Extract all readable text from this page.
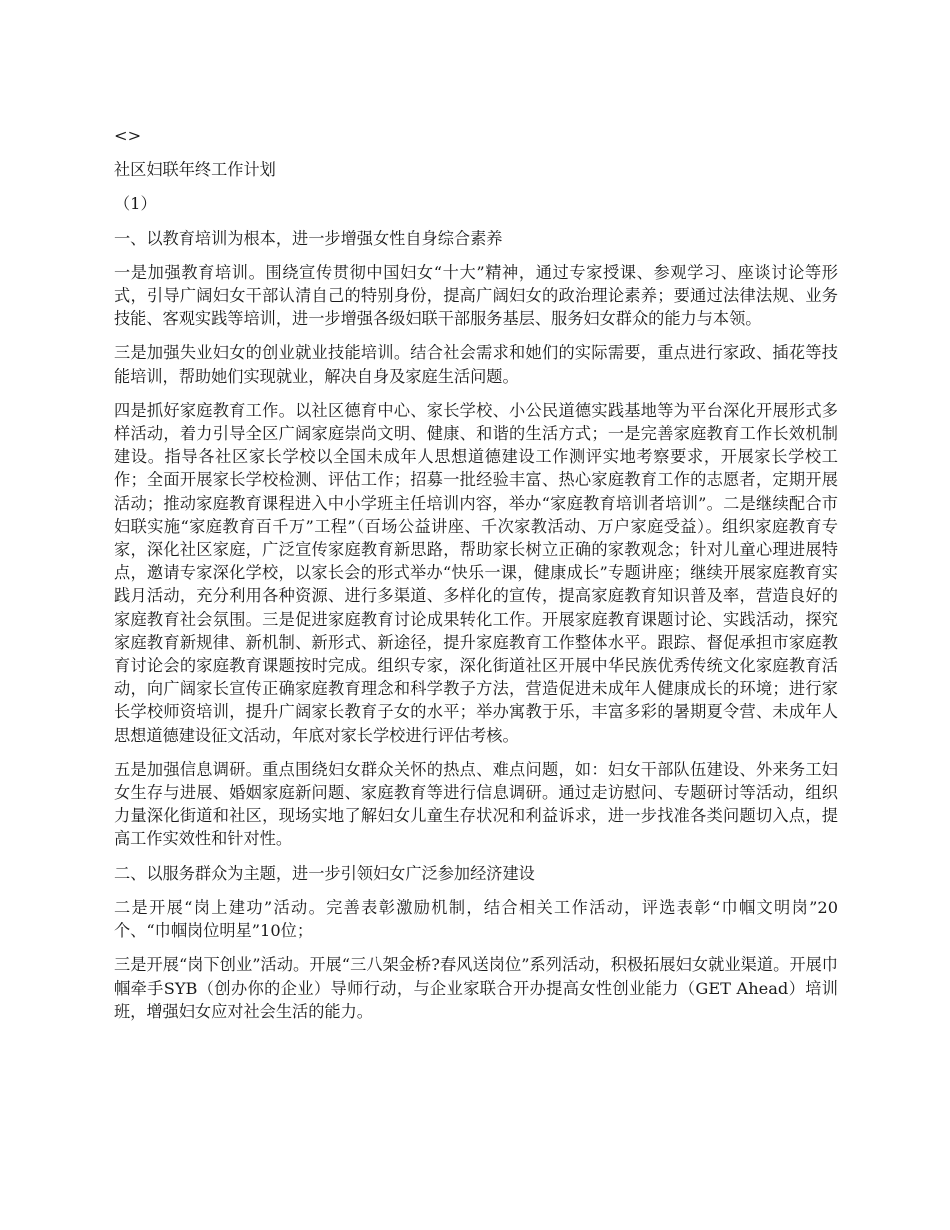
<>
社区妇联年终工作计划
（1）
一、以教育培训为根本，进一步增强女性自身综合素养

一是加强教育培训。围绕宣传贯彻中国妇女“十大”精神，通过专家授课、参观学习、座谈讨论等形式，引导广阔妇女干部认清自己的特别身份，提高广阔妇女的政治理论素养；要通过法律法规、业务技能、客观实践等培训，进一步增强各级妇联干部服务基层、服务妇女群众的能力与本领。

三是加强失业妇女的创业就业技能培训。结合社会需求和她们的实际需要，重点进行家政、插花等技能培训，帮助她们实现就业，解决自身及家庭生活问题。

四是抓好家庭教育工作。以社区德育中心、家长学校、小公民道德实践基地等为平台深化开展形式多样活动，着力引导全区广阔家庭崇尚文明、健康、和谐的生活方式；一是完善家庭教育工作长效机制建设。指导各社区家长学校以全国未成年人思想道德建设工作测评实地考察要求，开展家长学校工作；全面开展家长学校检测、评估工作；招募一批经验丰富、热心家庭教育工作的志愿者，定期开展活动；推动家庭教育课程进入中小学班主任培训内容，举办“家庭教育培训者培训”。二是继续配合市妇联实施“家庭教育百千万”工程”（百场公益讲座、千次家教活动、万户家庭受益）。组织家庭教育专家，深化社区家庭，广泛宣传家庭教育新思路，帮助家长树立正确的家教观念；针对儿童心理进展特点，邀请专家深化学校，以家长会的形式举办“快乐一课，健康成长”专题讲座；继续开展家庭教育实践月活动，充分利用各种资源、进行多渠道、多样化的宣传，提高家庭教育知识普及率，营造良好的家庭教育社会氛围。三是促进家庭教育讨论成果转化工作。开展家庭教育课题讨论、实践活动，探究家庭教育新规律、新机制、新形式、新途径，提升家庭教育工作整体水平。跟踪、督促承担市家庭教育讨论会的家庭教育课题按时完成。组织专家，深化街道社区开展中华民族优秀传统文化家庭教育活动，向广阔家长宣传正确家庭教育理念和科学教子方法，营造促进未成年人健康成长的环境；进行家长学校师资培训，提升广阔家长教育子女的水平；举办寓教于乐，丰富多彩的暑期夏令营、未成年人思想道德建设征文活动，年底对家长学校进行评估考核。

五是加强信息调研。重点围绕妇女群众关怀的热点、难点问题，如：妇女干部队伍建设、外来务工妇女生存与进展、婚姻家庭新问题、家庭教育等进行信息调研。通过走访慰问、专题研讨等活动，组织力量深化街道和社区，现场实地了解妇女儿童生存状况和利益诉求，进一步找准各类问题切入点，提高工作实效性和针对性。

二、以服务群众为主题，进一步引领妇女广泛参加经济建设

二是开展“岗上建功”活动。完善表彰激励机制，结合相关工作活动，评选表彰“巾帼文明岗”20个、“巾帼岗位明星”10位；

三是开展“岗下创业”活动。开展“三八架金桥?春风送岗位”系列活动，积极拓展妇女就业渠道。开展巾帼牵手SYB（创办你的企业）导师行动，与企业家联合开办提高女性创业能力（GET Ahead）培训班，增强妇女应对社会生活的能力。
